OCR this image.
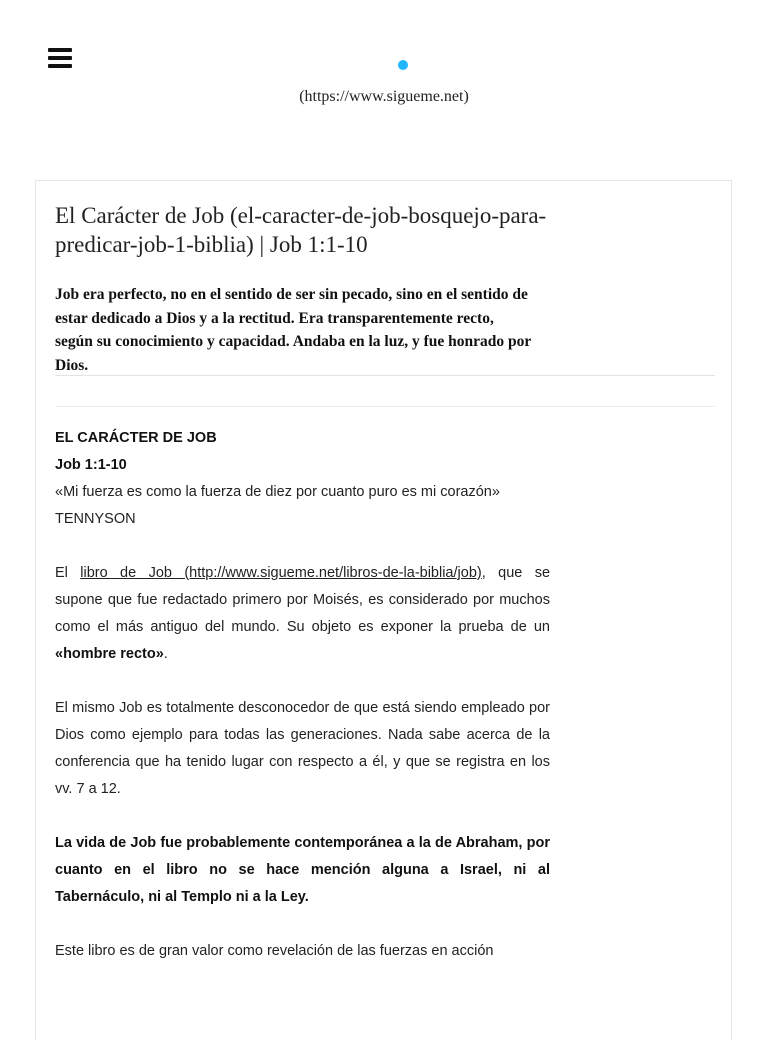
(https://www.sigueme.net)
El Carácter de Job (el-caracter-de-job-bosquejo-para-predicar-job-1-biblia) | Job 1:1-10

Job era perfecto, no en el sentido de ser sin pecado, sino en el sentido de estar dedicado a Dios y a la rectitud. Era transparentemente recto, según su conocimiento y capacidad. Andaba en la luz, y fue honrado por Dios.

EL CARÁCTER DE JOB

Job 1:1-10

«Mi fuerza es como la fuerza de diez por cuanto puro es mi corazón»

TENNYSON

El libro de Job (http://www.sigueme.net/libros-de-la-biblia/job), que se supone que fue redactado primero por Moisés, es considerado por muchos como el más antiguo del mundo. Su objeto es exponer la prueba de un «hombre recto».

El mismo Job es totalmente desconocedor de que está siendo empleado por Dios como ejemplo para todas las generaciones. Nada sabe acerca de la conferencia que ha tenido lugar con respecto a él, y que se registra en los vv. 7 a 12.

La vida de Job fue probablemente contemporánea a la de Abraham, por cuanto en el libro no se hace mención alguna a Israel, ni al Tabernáculo, ni al Templo ni a la Ley.

Este libro es de gran valor como revelación de las fuerzas en acción
